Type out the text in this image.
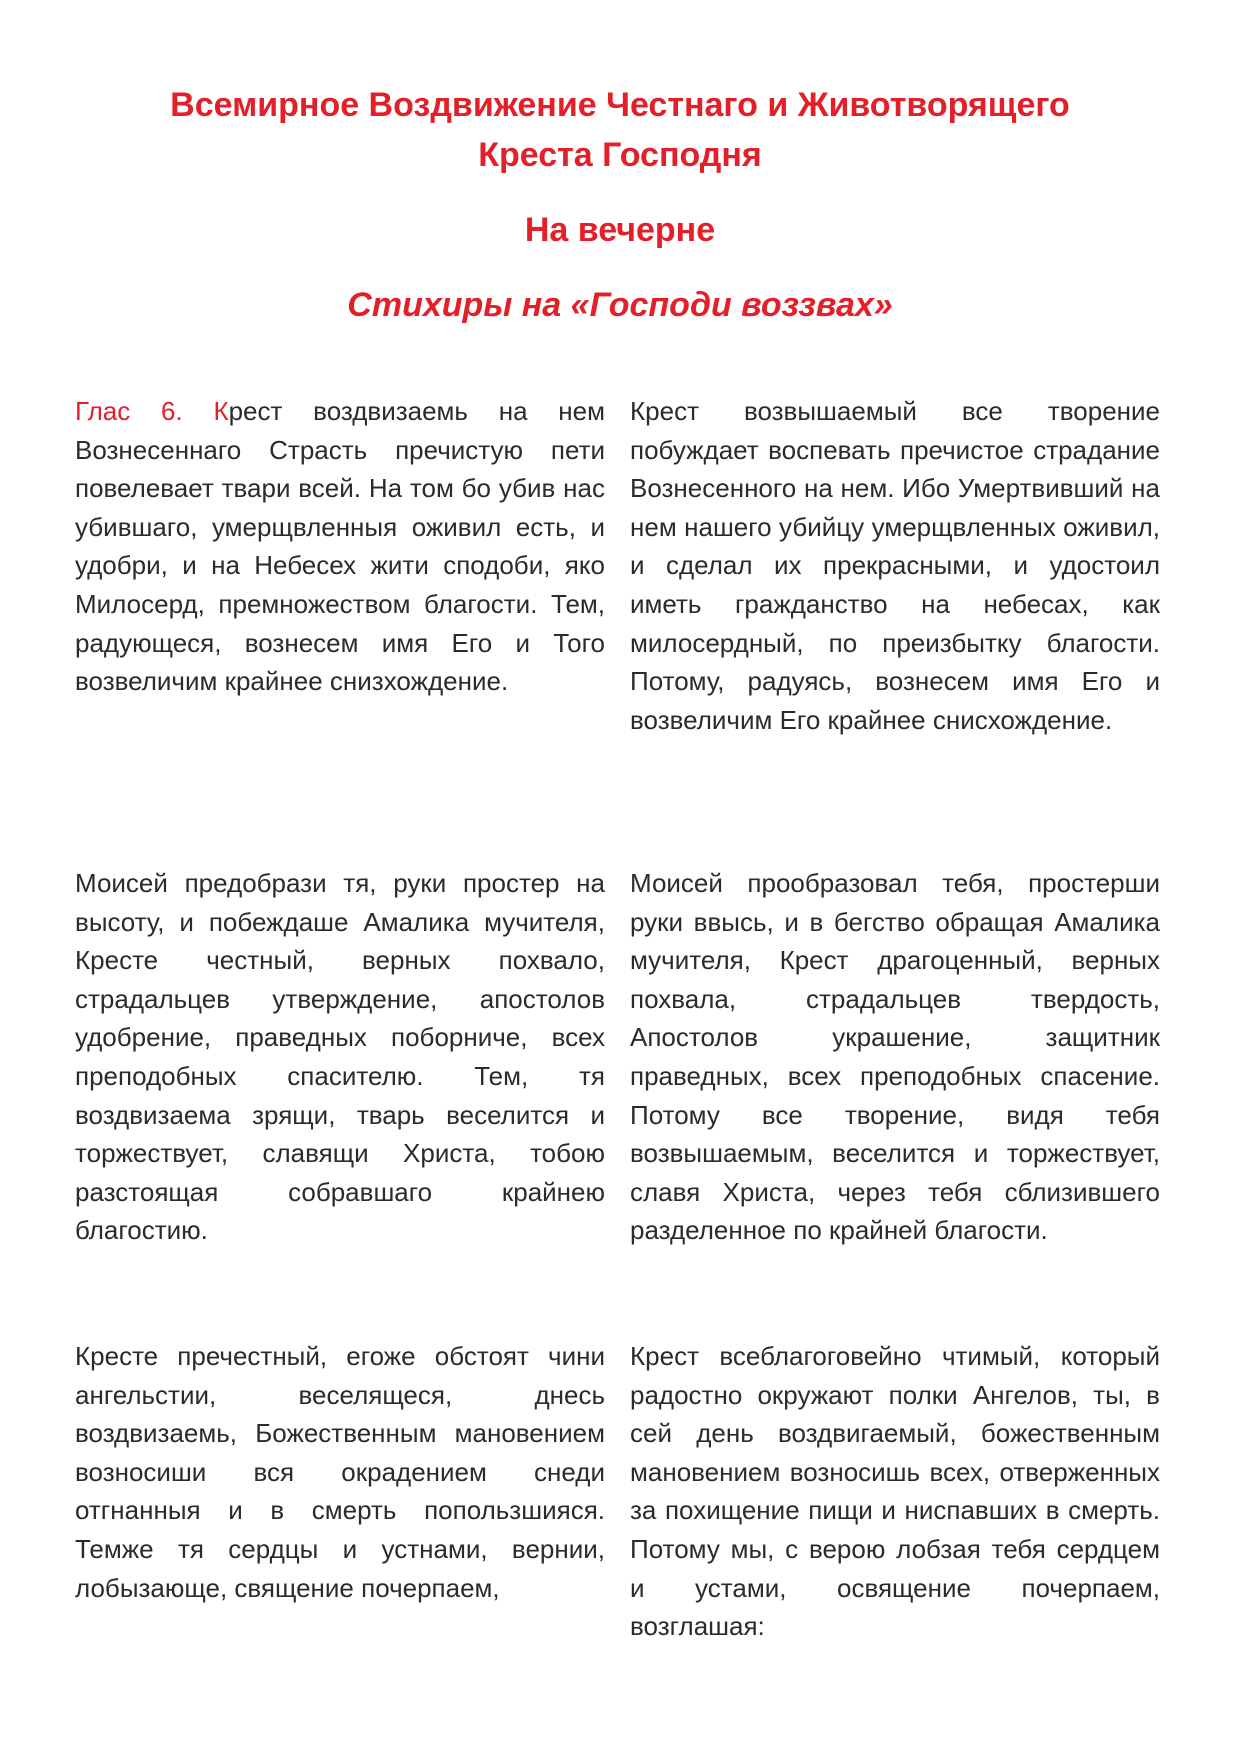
Всемирное Воздвижение Честнаго и Животворящего
Креста Господня
На вечерне
Стихиры на «Господи воззвах»
Глас 6. Крест воздвизаемь на нем Вознесеннаго Страсть пречистую пети повелевает твари всей. На том бо убив нас убившаго, умерщвленныя оживил есть, и удобри, и на Небесех жити сподоби, яко Милосерд, премножеством благости. Тем, радующеся, вознесем имя Его и Того возвеличим крайнее снизхождение.
Крест возвышаемый все творение побуждает воспевать пречистое страдание Вознесенного на нем. Ибо Умертвивший на нем нашего убийцу умерщвленных оживил, и сделал их прекрасными, и удостоил иметь гражданство на небесах, как милосердный, по преизбытку благости. Потому, радуясь, вознесем имя Его и возвеличим Его крайнее снисхождение.
Моисей предобрази тя, руки простер на высоту, и побеждаше Амалика мучителя, Кресте честный, верных похвало, страдальцев утверждение, апостолов удобрение, праведных поборниче, всех преподобных спасителю. Тем, тя воздвизаема зрящи, тварь веселится и торжествует, славящи Христа, тобою разстоящая собравшаго крайнею благостию.
Моисей прообразовал тебя, простерши руки ввысь, и в бегство обращая Амалика мучителя, Крест драгоценный, верных похвала, страдальцев твердость, Апостолов украшение, защитник праведных, всех преподобных спасение. Потому все творение, видя тебя возвышаемым, веселится и торжествует, славя Христа, через тебя сблизившего разделенное по крайней благости.
Кресте пречестный, егоже обстоят чини ангельстии, веселящеся, днесь воздвизаемь, Божественным мановением возносиши вся окрадением снеди отгнанныя и в смерть попользшияся. Темже тя сердцы и устнами, вернии, лобызающе, священие почерпаем,
Крест всеблагоговейно чтимый, который радостно окружают полки Ангелов, ты, в сей день воздвигаемый, божественным мановением возносишь всех, отверженных за похищение пищи и ниспавших в смерть. Потому мы, с верою лобзая тебя сердцем и устами, освящение почерпаем, возглашая:
